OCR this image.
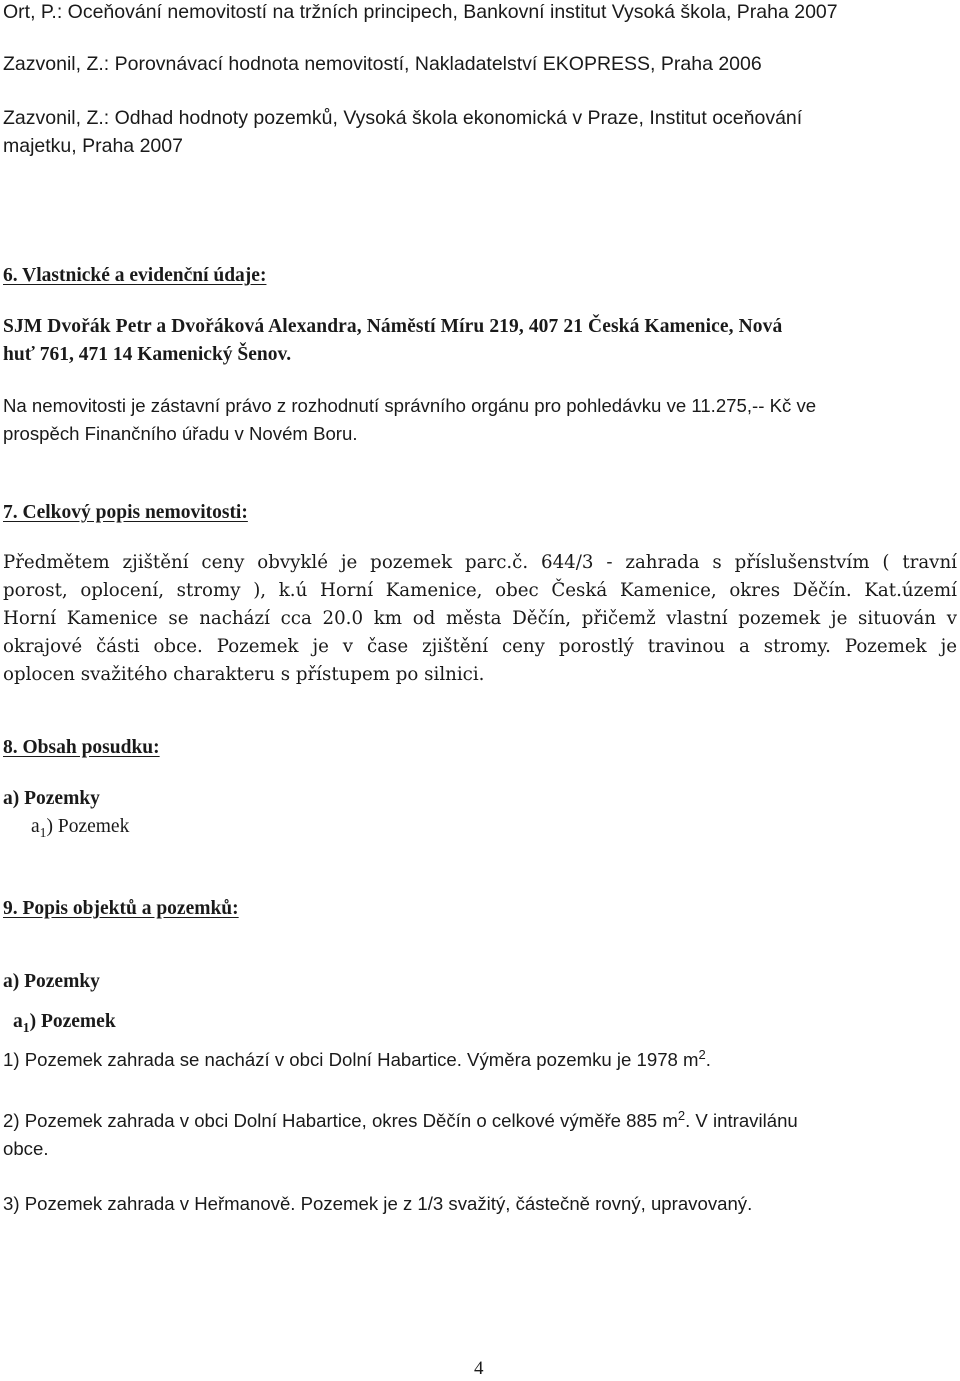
Ort, P.: Oceňování nemovitostí na tržních principech, Bankovní institut Vysoká škola, Praha 2007
Zazvonil, Z.: Porovnávací hodnota nemovitostí, Nakladatelství EKOPRESS, Praha 2006
Zazvonil, Z.: Odhad hodnoty pozemků, Vysoká škola ekonomická v Praze, Institut oceňování
majetku, Praha 2007
6. Vlastnické a evidenční údaje:
SJM Dvořák Petr a Dvořáková Alexandra, Náměstí Míru 219, 407 21 Česká Kamenice, Nová
huť 761, 471 14 Kamenický Šenov.
Na nemovitosti je zástavní právo z rozhodnutí správního orgánu pro pohledávku ve 11.275,-- Kč ve
prospěch Finančního úřadu v Novém Boru.
7. Celkový popis nemovitosti:
Předmětem zjištění ceny obvyklé je pozemek parc.č. 644/3 - zahrada s příslušenstvím ( travní
porost, oplocení, stromy ), k.ú Horní Kamenice, obec Česká Kamenice, okres Děčín. Kat.území
Horní Kamenice se nachází cca 20.0 km od města Děčín, přičemž vlastní pozemek je situován v
okrajové části obce. Pozemek je v čase zjištění ceny porostlý travinou a stromy. Pozemek je
oplocen svažitého charakteru s přístupem po silnici.
8. Obsah posudku:
a) Pozemky
$a_1$) Pozemek
9. Popis objektů a pozemků:
a) Pozemky
$a_1$) Pozemek
1) Pozemek zahrada se nachází v obci Dolní Habartice. Výměra pozemku je 1978 $m^2$.
2) Pozemek zahrada v obci Dolní Habartice, okres Děčín o celkové výměře 885 $m^2$. V intravilánu
obce.
3) Pozemek zahrada v Heřmanově. Pozemek je z 1/3 svažitý, částečně rovný, upravovaný.
4
